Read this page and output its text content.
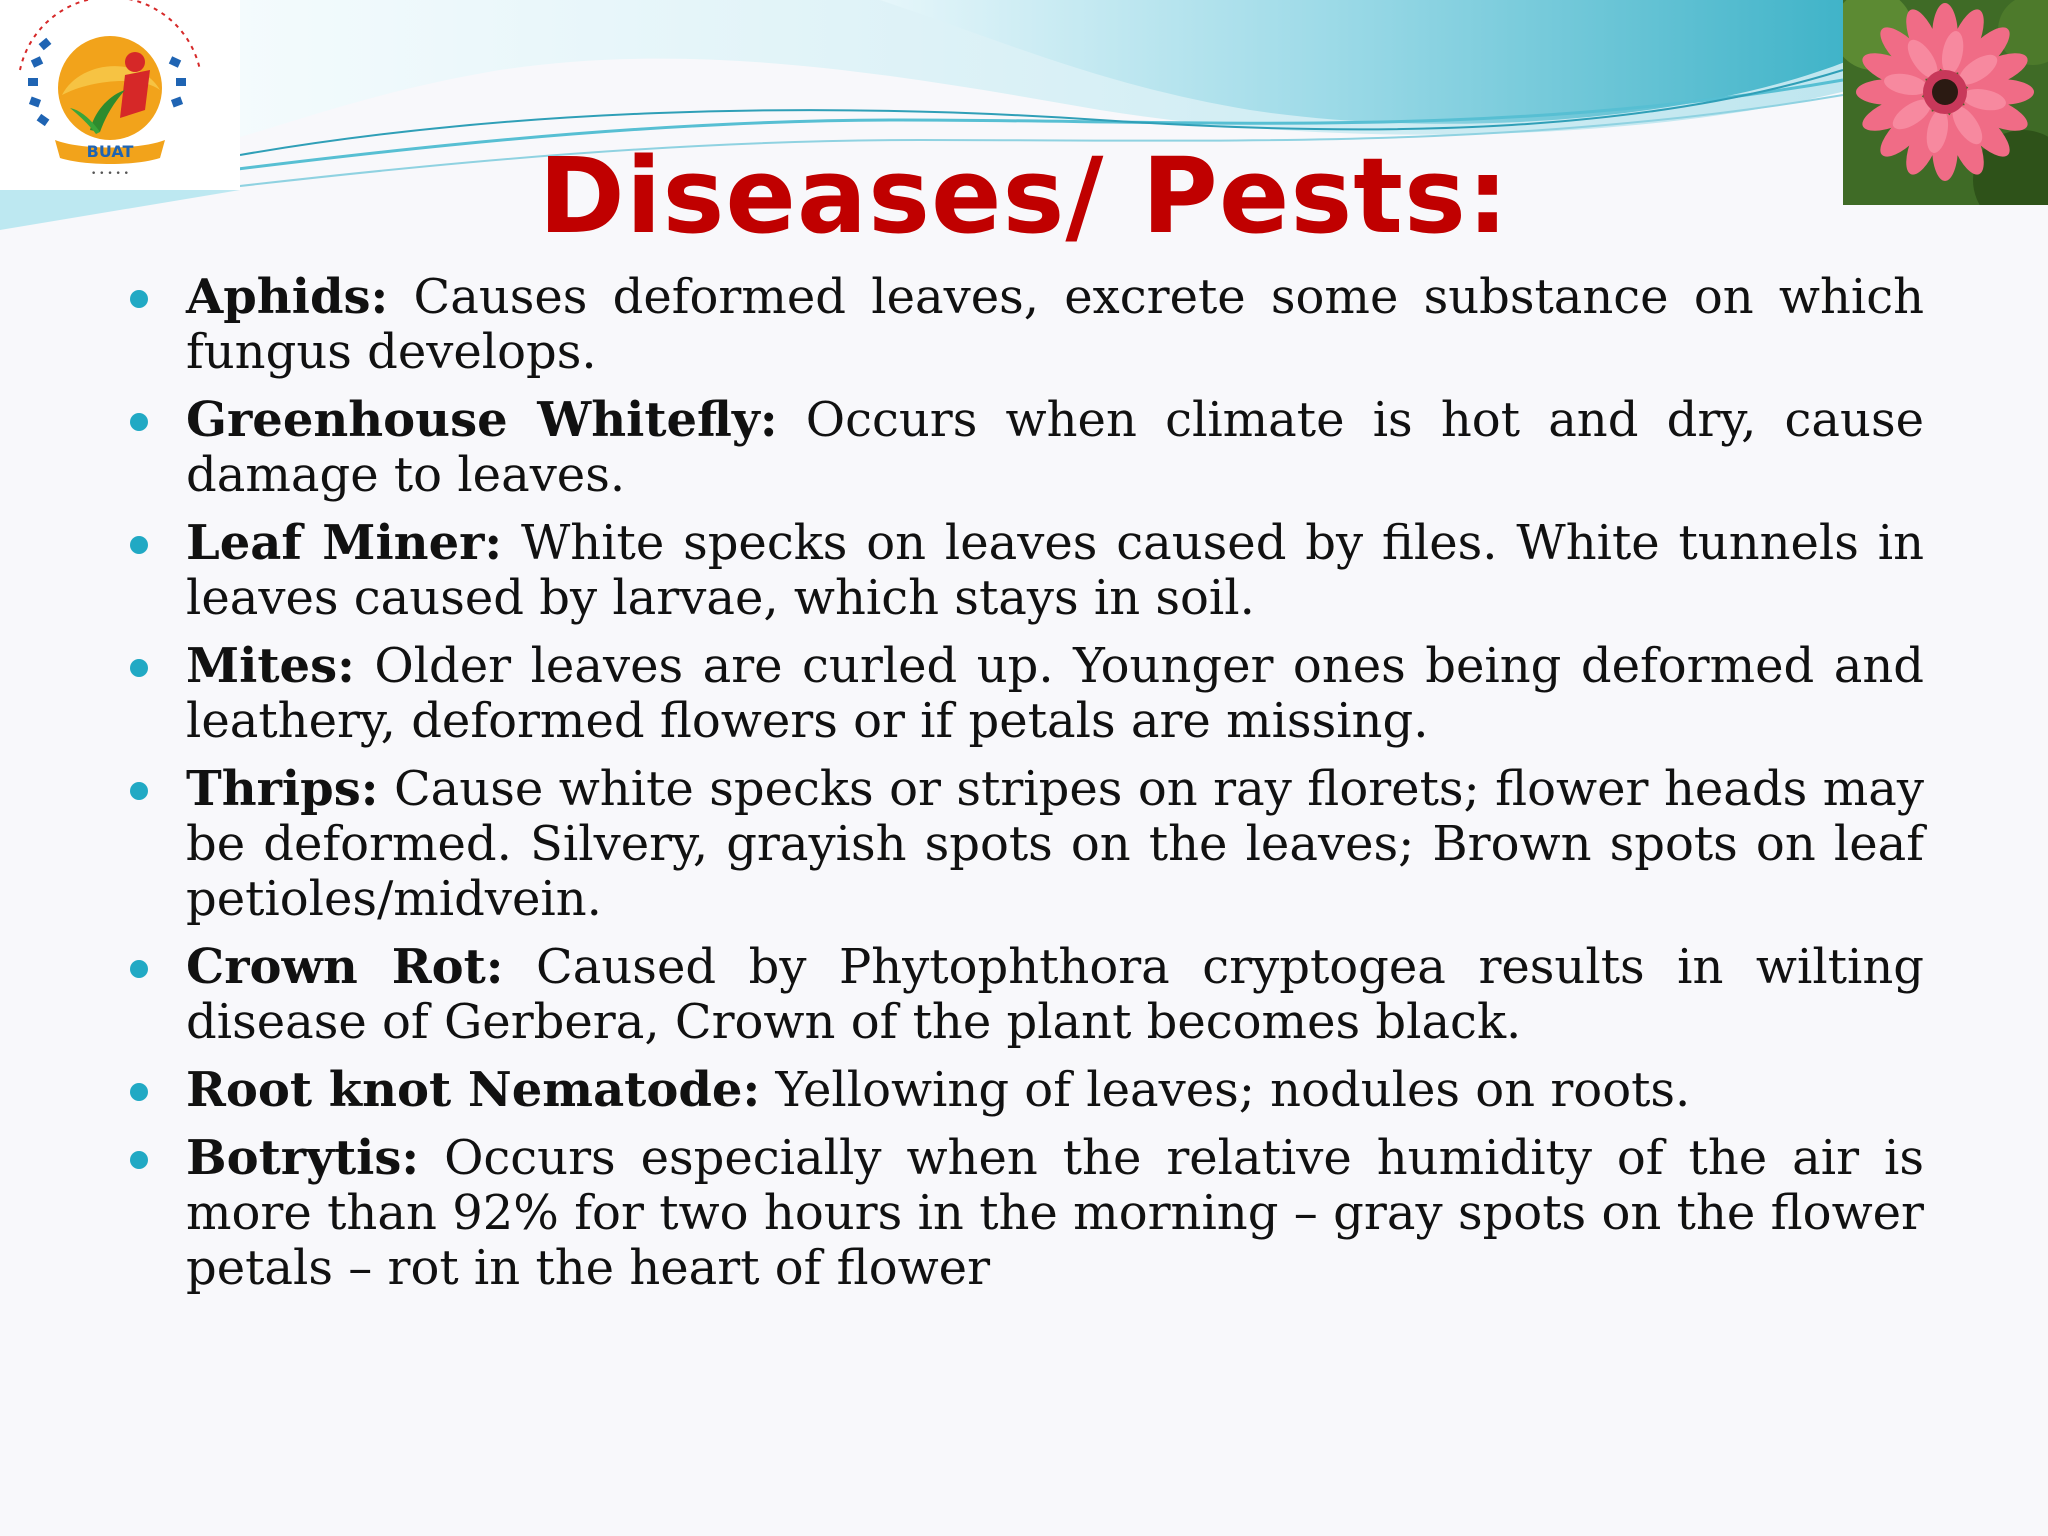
BUAT
• • • • •	Diseases/ Pests:
Aphids: Causes deformed leaves, excrete some substance on which fungus develops.
Greenhouse Whitefly: Occurs when climate is hot and dry, cause damage to leaves.
Leaf Miner: White specks on leaves caused by files. White tunnels in leaves caused by larvae, which stays in soil.
Mites: Older leaves are curled up. Younger ones being deformed and leathery, deformed flowers or if petals are missing.
Thrips: Cause white specks or stripes on ray florets; flower heads may be deformed. Silvery, grayish spots on the leaves; Brown spots on leaf petioles/midvein.
Crown Rot: Caused by Phytophthora cryptogea results in wilting disease of Gerbera, Crown of the plant becomes black.
Root knot Nematode: Yellowing of leaves; nodules on roots.
Botrytis: Occurs especially when the relative humidity of the air is more than 92% for two hours in the morning – gray spots on the flower petals – rot in the heart of flower
